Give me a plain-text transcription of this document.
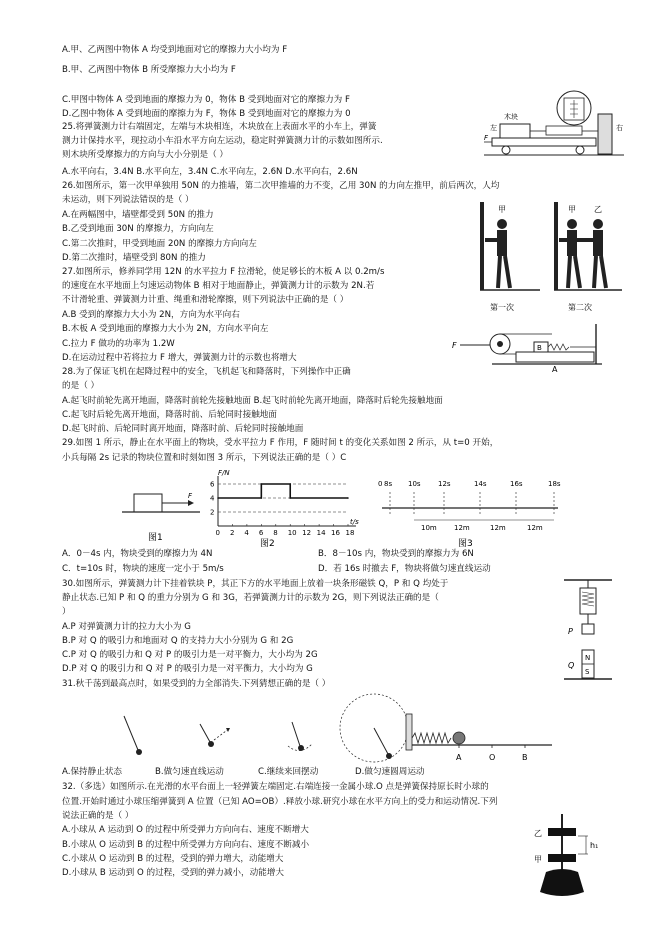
A.甲、乙两图中物体 A 均受到地面对它的摩擦力大小均为 F
B.甲、乙两图中物体 B 所受摩擦力大小均为 F
C.甲图中物体 A 受到地面的摩擦力为 0，物体 B 受到地面对它的摩擦力为 F
D.乙图中物体 A 受到地面的摩擦力为 F，物体 B 受到地面对它的摩擦力为 0
25.将弹簧测力计右端固定，左端与木块相连，木块放在上表面水平的小车上，弹簧
测力计保持水平，现拉动小车沿水平方向左运动，稳定时弹簧测力计的示数如图所示.
则木块所受摩擦力的方向与大小分别是（ ）
A.水平向右，3.4N B.水平向左，3.4N C.水平向左，2.6N D.水平向右，2.6N
26.如图所示，第一次甲单独用 50N 的力推墙，第二次甲推墙的力不变，乙用 30N 的力向左推甲，前后两次，人均
未运动，则下列说法错误的是（ ）
A.在两幅图中，墙壁都受到 50N 的推力
B.乙受到地面 30N 的摩擦力，方向向左
C.第二次推时，甲受到地面 20N 的摩擦力方向向左
D.第二次推时，墙壁受到 80N 的推力
27.如图所示，修养同学用 12N 的水平拉力 F 拉滑轮，使足够长的木板 A 以 0.2m/s
的速度在水平地面上匀速运动物体 B 相对于地面静止，弹簧测力计的示数为 2N.若
不计滑轮重、弹簧测力计重、绳重和滑轮摩擦，则下列说法中正确的是（ ）
A.B 受到的摩擦力大小为 2N，方向为水平向右
B.木板 A 受到地面的摩擦力大小为 2N，方向水平向左
C.拉力 F 做功的功率为 1.2W
D.在运动过程中若将拉力 F 增大，弹簧测力计的示数也将增大
28.为了保证飞机在起降过程中的安全，飞机起飞和降落时，下列操作中正确
的是（ ）
A.起飞时前轮先离开地面，降落时前轮先接触地面 B.起飞时前轮先离开地面，降落时后轮先接触地面
C.起飞时后轮先离开地面，降落时前、后轮同时接触地面
D.起飞时前、后轮同时离开地面，降落时前、后轮同时接触地面
29.如图 1 所示，静止在水平面上的物块，受水平拉力 F 作用，F 随时间 t 的变化关系如图 2 所示，从 t=0 开始，
小兵每隔 2s 记录的物块位置和时刻如图 3 所示，下列说法正确的是（ ）C
A．0－4s 内，物块受到的摩擦力为 4N	B．8－10s 内，物块受到的摩擦力为 6N
C．t=10s 时，物块的速度一定小于 5m/s	D．若 16s 时撤去 F，物块将做匀速直线运动
30.如图所示，弹簧测力计下挂着铁块 P，其正下方的水平地面上放着一块条形磁铁 Q，P 和 Q 均处于
静止状态.已知 P 和 Q 的重力分别为 G 和 3G，若弹簧测力计的示数为 2G，则下列说法正确的是（
）
A.P 对弹簧测力计的拉力大小为 G
B.P 对 Q 的吸引力和地面对 Q 的支持力大小分别为 G 和 2G
C.P 对 Q 的吸引力和 Q 对 P 的吸引力是一对平衡力，大小均为 2G
D.P 对 Q 的吸引力和 Q 对 P 的吸引力是一对平衡力，大小均为 G
31.秋千荡到最高点时，如果受到的力全部消失.下列猜想正确的是（ ）
A.保持静止状态	B.做匀速直线运动	C.继续来回摆动	D.做匀速圆周运动
32.（多选）如图所示.在光滑的水平台面上一轻弹簧左端固定.右端连接一金属小球.O 点是弹簧保持原长时小球的
位置.开始时通过小球压缩弹簧到 A 位置（已知 AO=OB）.释放小球.研究小球在水平方向上的受力和运动情况.下列
说法正确的是（ ）
A.小球从 A 运动到 O 的过程中所受弹力方向向右、速度不断增大
B.小球从 O 运动到 B 的过程中所受弹力方向向右、速度不断减小
C.小球从 O 运动到 B 的过程，受到的弹力增大，动能增大
D.小球从 B 运动到 O 的过程，受到的弹力减小，动能增大
木块
F
左	右
甲
第一次
甲 乙
第二次
F
A
B
F
图1
F/N
t/s
图2
0 2 4 6 8 10 12 14 16 18
6
4
2
图3
0 8s 10s 12s	14s	16s	18s
10m 12m	12m	12m
P
N
S
Q
A	O	B
乙
甲
h₁
